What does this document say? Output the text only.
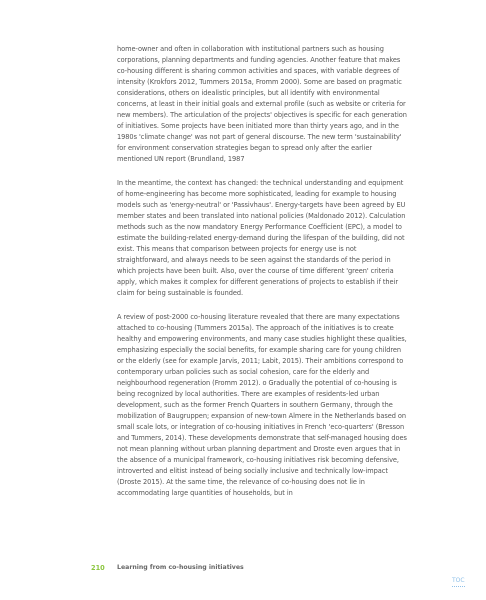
home-owner and often in collaboration with institutional partners such as housing corporations, planning departments and funding agencies. Another feature that makes co-housing different is sharing common activities and spaces, with variable degrees of intensity (Krokfors 2012, Tummers 2015a, Fromm 2000). Some are based on pragmatic considerations, others on idealistic principles, but all identify with environmental concerns, at least in their initial goals and external profile (such as website or criteria for new members). The articulation of the projects' objectives is specific for each generation of initiatives. Some projects have been initiated more than thirty years ago, and in the 1980s 'climate change' was not part of general discourse. The new term 'sustainability' for environment conservation strategies began to spread only after the earlier mentioned UN report (Brundland, 1987

In the meantime, the context has changed: the technical understanding and equipment of home-engineering has become more sophisticated, leading for example to housing models such as 'energy-neutral' or 'Passivhaus'. Energy-targets have been agreed by EU member states and been translated into national policies (Maldonado 2012). Calculation methods such as the now mandatory Energy Performance Coefficient (EPC), a model to estimate the building-related energy-demand during the lifespan of the building, did not exist. This means that comparison between projects for energy use is not straightforward, and always needs to be seen against the standards of the period in which projects have been built. Also, over the course of time different 'green' criteria apply, which makes it complex for different generations of projects to establish if their claim for being sustainable is founded.

A review of post-2000 co-housing literature revealed that there are many expectations attached to co-housing (Tummers 2015a). The approach of the initiatives is to create healthy and empowering environments, and many case studies highlight these qualities, emphasizing especially the social benefits, for example sharing care for young children or the elderly (see for example Jarvis, 2011; Labit, 2015). Their ambitions correspond to contemporary urban policies such as social cohesion, care for the elderly and neighbourhood regeneration (Fromm 2012). o Gradually the potential of co-housing is being recognized by local authorities. There are examples of residents-led urban development, such as the former French Quarters in southern Germany, through the mobilization of Baugruppen; expansion of new-town Almere in the Netherlands based on small scale lots, or integration of co-housing initiatives in French 'eco-quarters' (Bresson and Tummers, 2014). These developments demonstrate that self-managed housing does not mean planning without urban planning department and Droste even argues that in the absence of a municipal framework, co-housing initiatives risk becoming defensive, introverted and elitist instead of being socially inclusive and technically low-impact (Droste 2015). At the same time, the relevance of co-housing does not lie in accommodating large quantities of households, but in

210 Learning from co-housing initiatives
TOC
